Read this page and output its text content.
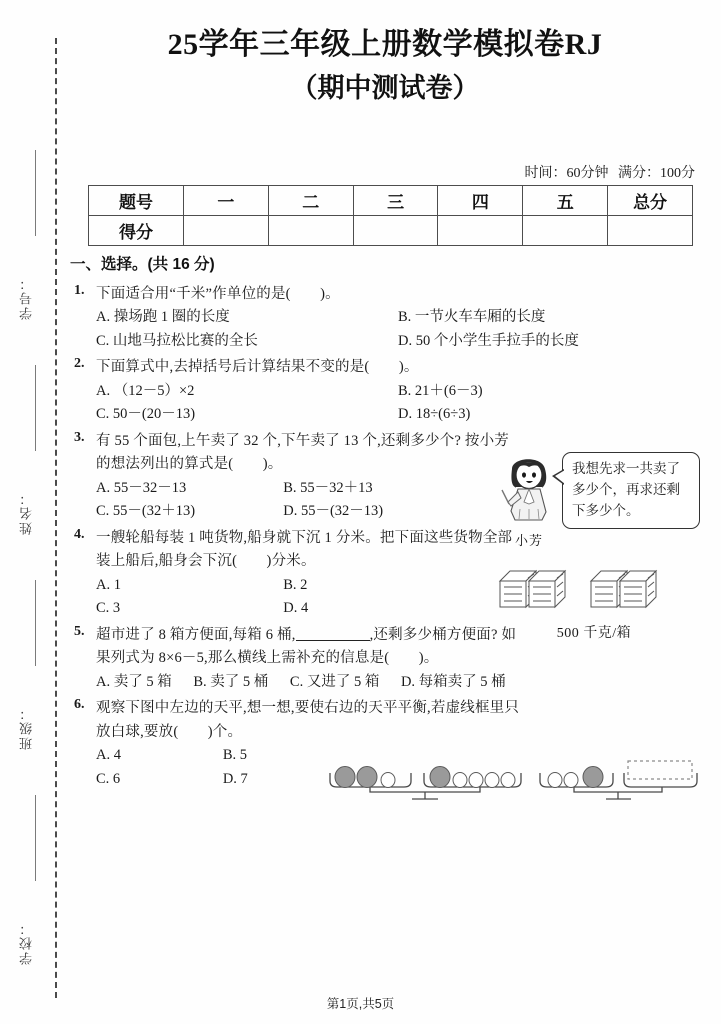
学号：
姓名：
班级：
学校：
25学年三年级上册数学模拟卷RJ
（期中测试卷）
时间：60分钟 满分：100分
题号	一	二	三	四	五	总分
得分						
一、选择。(共 16 分)
1. 下面适合用“千米”作单位的是(　　)。
A. 操场跑 1 圈的长度	B. 一节火车车厢的长度
C. 山地马拉松比赛的全长	D. 50 个小学生手拉手的长度
2. 下面算式中,去掉括号后计算结果不变的是(　　)。
A. （12－5）×2	B. 21＋(6－3)
C. 50－(20－13)	D. 18÷(6÷3)
3. 有 55 个面包,上午卖了 32 个,下午卖了 13 个,还剩多少个? 按小芳
的想法列出的算式是(　　)。
A. 55－32－13	B. 55－32＋13
C. 55－(32＋13)	D. 55－(32－13)
小芳
我想先求一共卖了多少个，再求还剩下多少个。
4. 一艘轮船每装 1 吨货物,船身就下沉 1 分米。把下面这些货物全部
装上船后,船身会下沉(　　)分米。
A. 1	B. 2
C. 3	D. 4
500 千克/箱
5. 超市进了 8 箱方便面,每箱 6 桶,	,还剩多少桶方便面? 如
果列式为 8×6－5,那么横线上需补充的信息是(　　)。
A. 卖了 5 箱 B. 卖了 5 桶 C. 又进了 5 箱 D. 每箱卖了 5 桶
6. 观察下图中左边的天平,想一想,要使右边的天平平衡,若虚线框里只
放白球,要放(　　)个。
A. 4	B. 5
C. 6	D. 7
第1页,共5页
